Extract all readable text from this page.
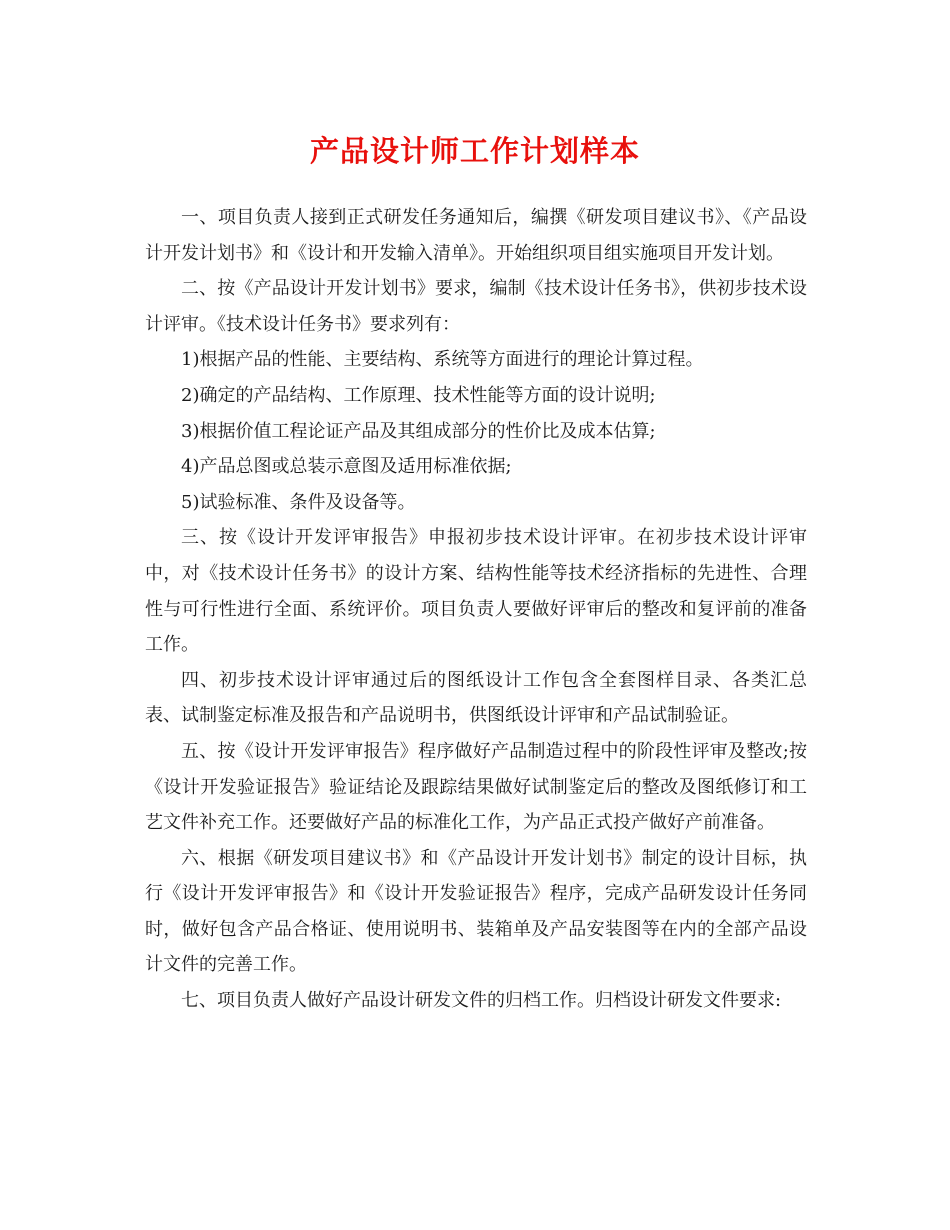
产品设计师工作计划样本

一、项目负责人接到正式研发任务通知后，编撰《研发项目建议书》、《产品设计开发计划书》和《设计和开发输入清单》。开始组织项目组实施项目开发计划。

二、按《产品设计开发计划书》要求，编制《技术设计任务书》，供初步技术设计评审。《技术设计任务书》要求列有：

1)根据产品的性能、主要结构、系统等方面进行的理论计算过程。

2)确定的产品结构、工作原理、技术性能等方面的设计说明;

3)根据价值工程论证产品及其组成部分的性价比及成本估算;

4)产品总图或总装示意图及适用标准依据;

5)试验标准、条件及设备等。

三、按《设计开发评审报告》申报初步技术设计评审。在初步技术设计评审中，对《技术设计任务书》的设计方案、结构性能等技术经济指标的先进性、合理性与可行性进行全面、系统评价。项目负责人要做好评审后的整改和复评前的准备工作。

四、初步技术设计评审通过后的图纸设计工作包含全套图样目录、各类汇总表、试制鉴定标准及报告和产品说明书，供图纸设计评审和产品试制验证。

五、按《设计开发评审报告》程序做好产品制造过程中的阶段性评审及整改;按《设计开发验证报告》验证结论及跟踪结果做好试制鉴定后的整改及图纸修订和工艺文件补充工作。还要做好产品的标准化工作，为产品正式投产做好产前准备。

六、根据《研发项目建议书》和《产品设计开发计划书》制定的设计目标，执行《设计开发评审报告》和《设计开发验证报告》程序，完成产品研发设计任务同时，做好包含产品合格证、使用说明书、装箱单及产品安装图等在内的全部产品设计文件的完善工作。

七、项目负责人做好产品设计研发文件的归档工作。归档设计研发文件要求:
